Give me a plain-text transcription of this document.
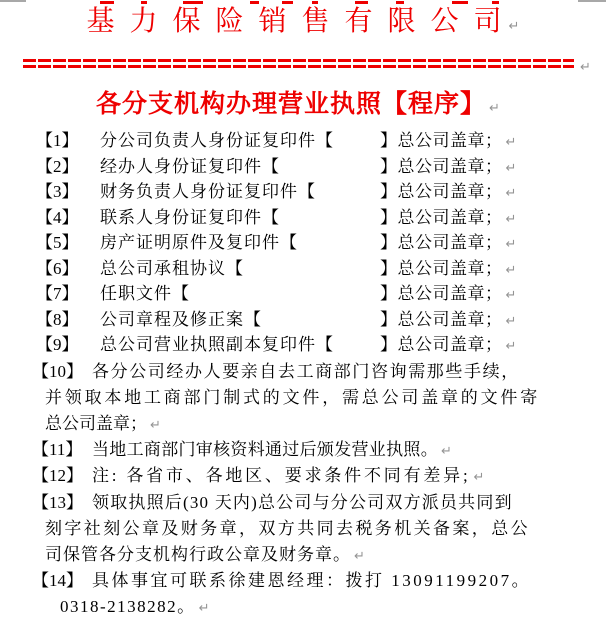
基 力 保 险 销 售 有 限 公 司 ↵
↵
各分支机构办理营业执照【程序】 ↵
【1】 分公司负责人身份证复印件【	】总公司盖章； ↵
【2】 经办人身份证复印件【	】总公司盖章； ↵
【3】 财务负责人身份证复印件【	】总公司盖章； ↵
【4】 联系人身份证复印件【	】总公司盖章； ↵
【5】 房产证明原件及复印件【	】总公司盖章； ↵
【6】 总公司承租协议【	】总公司盖章； ↵
【7】 任职文件【	】总公司盖章； ↵
【8】 公司章程及修正案【	】总公司盖章； ↵
【9】 总公司营业执照副本复印件【	】总公司盖章； ↵
【10】 各分公司经办人要亲自去工商部门咨询需那些手续，
并领取本地工商部门制式的文件，需总公司盖章的文件寄
总公司盖章； ↵
【11】 当地工商部门审核资料通过后颁发营业执照。 ↵
【12】 注: 各省市、各地区、要求条件不同有差异; ↵
【13】 领取执照后(30 天内)总公司与分公司双方派员共同到
刻字社刻公章及财务章，双方共同去税务机关备案，总公
司保管各分支机构行政公章及财务章。 ↵
【14】 具体事宜可联系徐建恩经理：拨打 13091199207。
0318-2138282。 ↵
